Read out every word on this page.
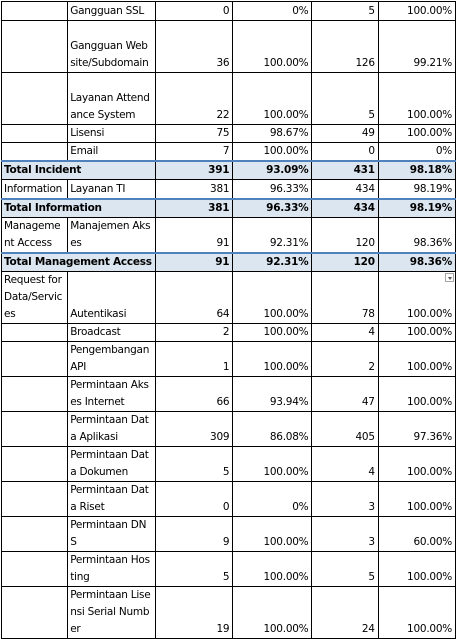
	Gangguan SSL	0	0%	5	100.00%
	Gangguan Website/Subdomain	36	100.00%	126	99.21%
	Layanan Attendance System	22	100.00%	5	100.00%
	Lisensi	75	98.67%	49	100.00%
	Email	7	100.00%	0	0%
Total Incident		391	93.09%	431	98.18%
Information	Layanan TI	381	96.33%	434	98.19%
Total Information		381	96.33%	434	98.19%
Management Access	Manajemen Akses	91	92.31%	120	98.36%
Total Management Access		91	92.31%	120	98.36%
Request for Data/Services	Autentikasi	64	100.00%	78	100.00%

	Broadcast	2	100.00%	4	100.00%
	Pengembangan API	1	100.00%	2	100.00%
	Permintaan Akses Internet	66	93.94%	47	100.00%
	Permintaan Data Aplikasi	309	86.08%	405	97.36%
	Permintaan Data Dokumen	5	100.00%	4	100.00%
	Permintaan Data Riset	0	0%	3	100.00%
	Permintaan DNS	9	100.00%	3	60.00%
	Permintaan Hosting	5	100.00%	5	100.00%
	Permintaan Lisensi Serial Number	19	100.00%	24	100.00%
